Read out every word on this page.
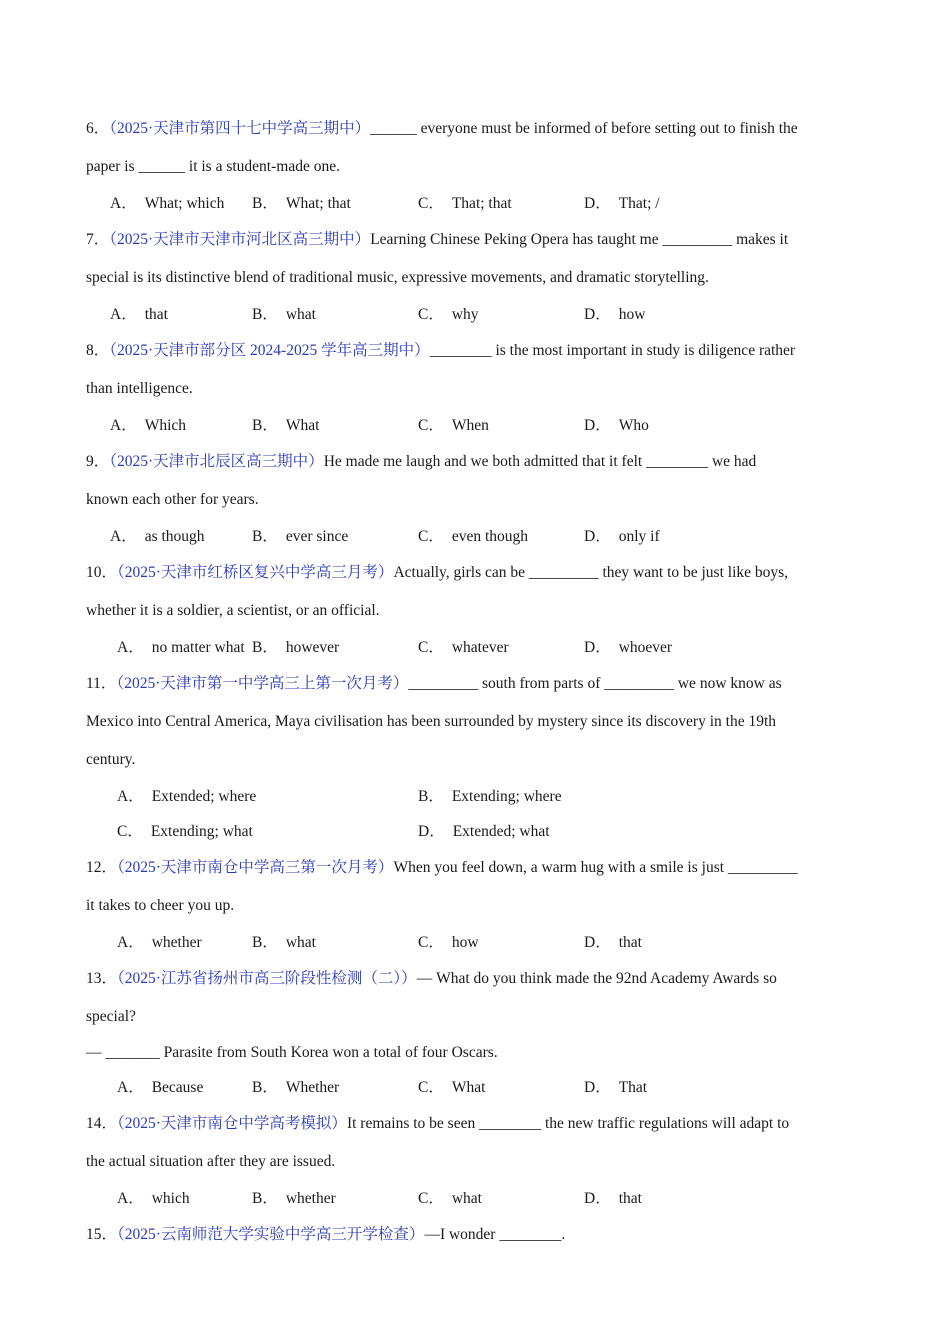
6．（2025·天津市第四十七中学高三期中）______ everyone must be informed of before setting out to finish the
paper is ______ it is a student-made one.
A． What; which B． What; that	C． That; that	D． That; /
7．（2025·天津市天津市河北区高三期中）Learning Chinese Peking Opera has taught me _________ makes it
special is its distinctive blend of traditional music, expressive movements, and dramatic storytelling.
A． that	B． what	C． why	D． how
8．（2025·天津市部分区 2024-2025 学年高三期中）________ is the most important in study is diligence rather
than intelligence.
A． Which	B． What	C． When	D． Who
9．（2025·天津市北辰区高三期中）He made me laugh and we both admitted that it felt ________ we had
known each other for years.
A． as though	B． ever since	C． even though	D． only if
10．（2025·天津市红桥区复兴中学高三月考）Actually, girls can be _________ they want to be just like boys,
whether it is a soldier, a scientist, or an official.
A． no matter what B． however	C． whatever	D． whoever
11．（2025·天津市第一中学高三上第一次月考）_________ south from parts of _________ we now know as
Mexico into Central America, Maya civilisation has been surrounded by mystery since its discovery in the 19th
century.
A． Extended; where	B． Extending; where
C． Extending; what	D． Extended; what
12．（2025·天津市南仓中学高三第一次月考）When you feel down, a warm hug with a smile is just _________
it takes to cheer you up.
A． whether	B． what	C． how	D． that
13．（2025·江苏省扬州市高三阶段性检测（二））— What do you think made the 92nd Academy Awards so
special?
— _______ Parasite from South Korea won a total of four Oscars.
A． Because	B． Whether	C． What	D． That
14．（2025·天津市南仓中学高考模拟）It remains to be seen ________ the new traffic regulations will adapt to
the actual situation after they are issued.
A． which	B． whether	C． what	D． that
15．（2025·云南师范大学实验中学高三开学检查）—I wonder ________.
